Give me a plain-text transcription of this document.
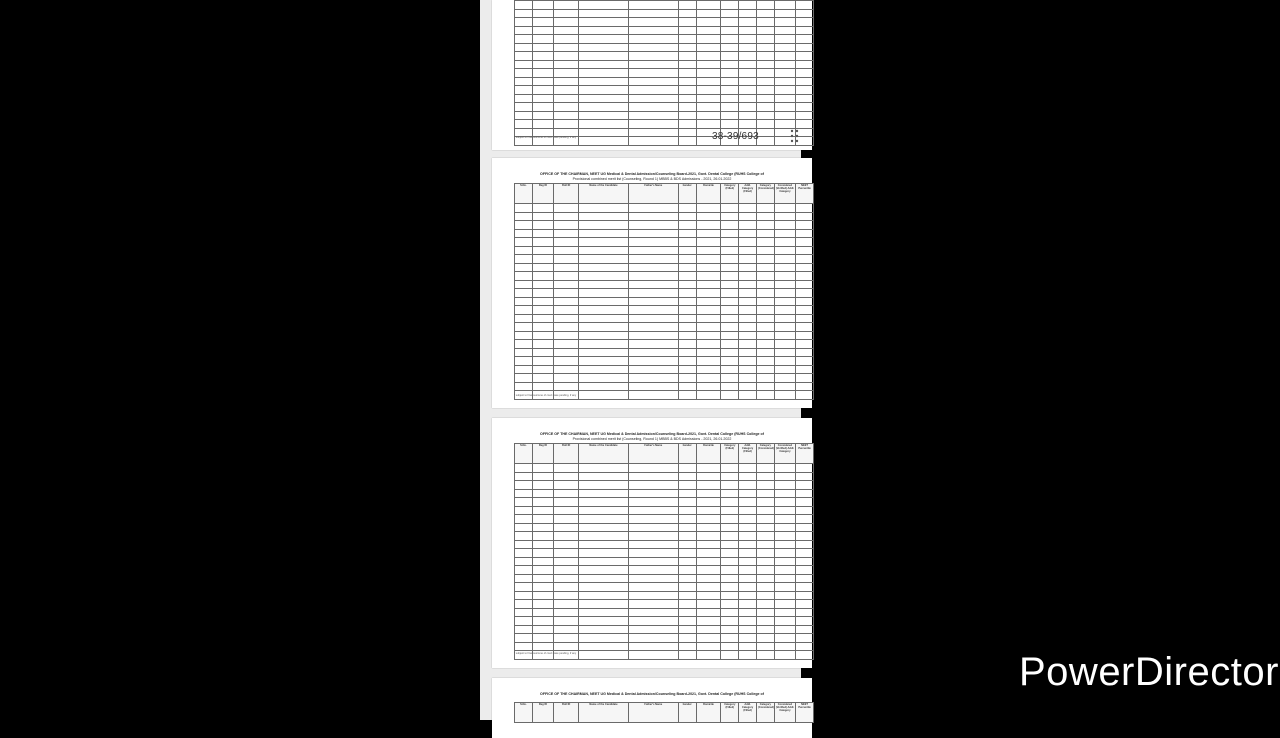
* subject to final outcome of court case pending, if any	38-39/693
OFFICE OF THE CHAIRMAN, NEET UG Medical & Dental Admission/Counseling Board-2021, Govt. Dental College (RUHS College of
Provisional combined merit list (Counseling, Round 1) MBBS & BDS Admissions - 2021, 26.01.2022
S.No.	Reg ID	Roll ID	Name of the Candidate	Father's Name	Gender	Domicile	Category (Filled)	Addl. Category (Filled)	Category (Considered)	Considered (Verified) Addl. Category	NEET Percentile

* subject to final outcome of court case pending, if any
OFFICE OF THE CHAIRMAN, NEET UG Medical & Dental Admission/Counseling Board-2021, Govt. Dental College (RUHS College of
Provisional combined merit list (Counseling, Round 1) MBBS & BDS Admissions - 2021, 26.01.2022
S.No.	Reg ID	Roll ID	Name of the Candidate	Father's Name	Gender	Domicile	Category (Filled)	Addl. Category (Filled)	Category (Considered)	Considered (Verified) Addl. Category	NEET Percentile

* subject to final outcome of court case pending, if any
OFFICE OF THE CHAIRMAN, NEET UG Medical & Dental Admission/Counseling Board-2021, Govt. Dental College (RUHS College of
S.No.	Reg ID	Roll ID	Name of the Candidate	Father's Name	Gender	Domicile	Category (Filled)	Addl. Category (Filled)	Category (Considered)	Considered (Verified) Addl. Category	NEET Percentile
PowerDirector
